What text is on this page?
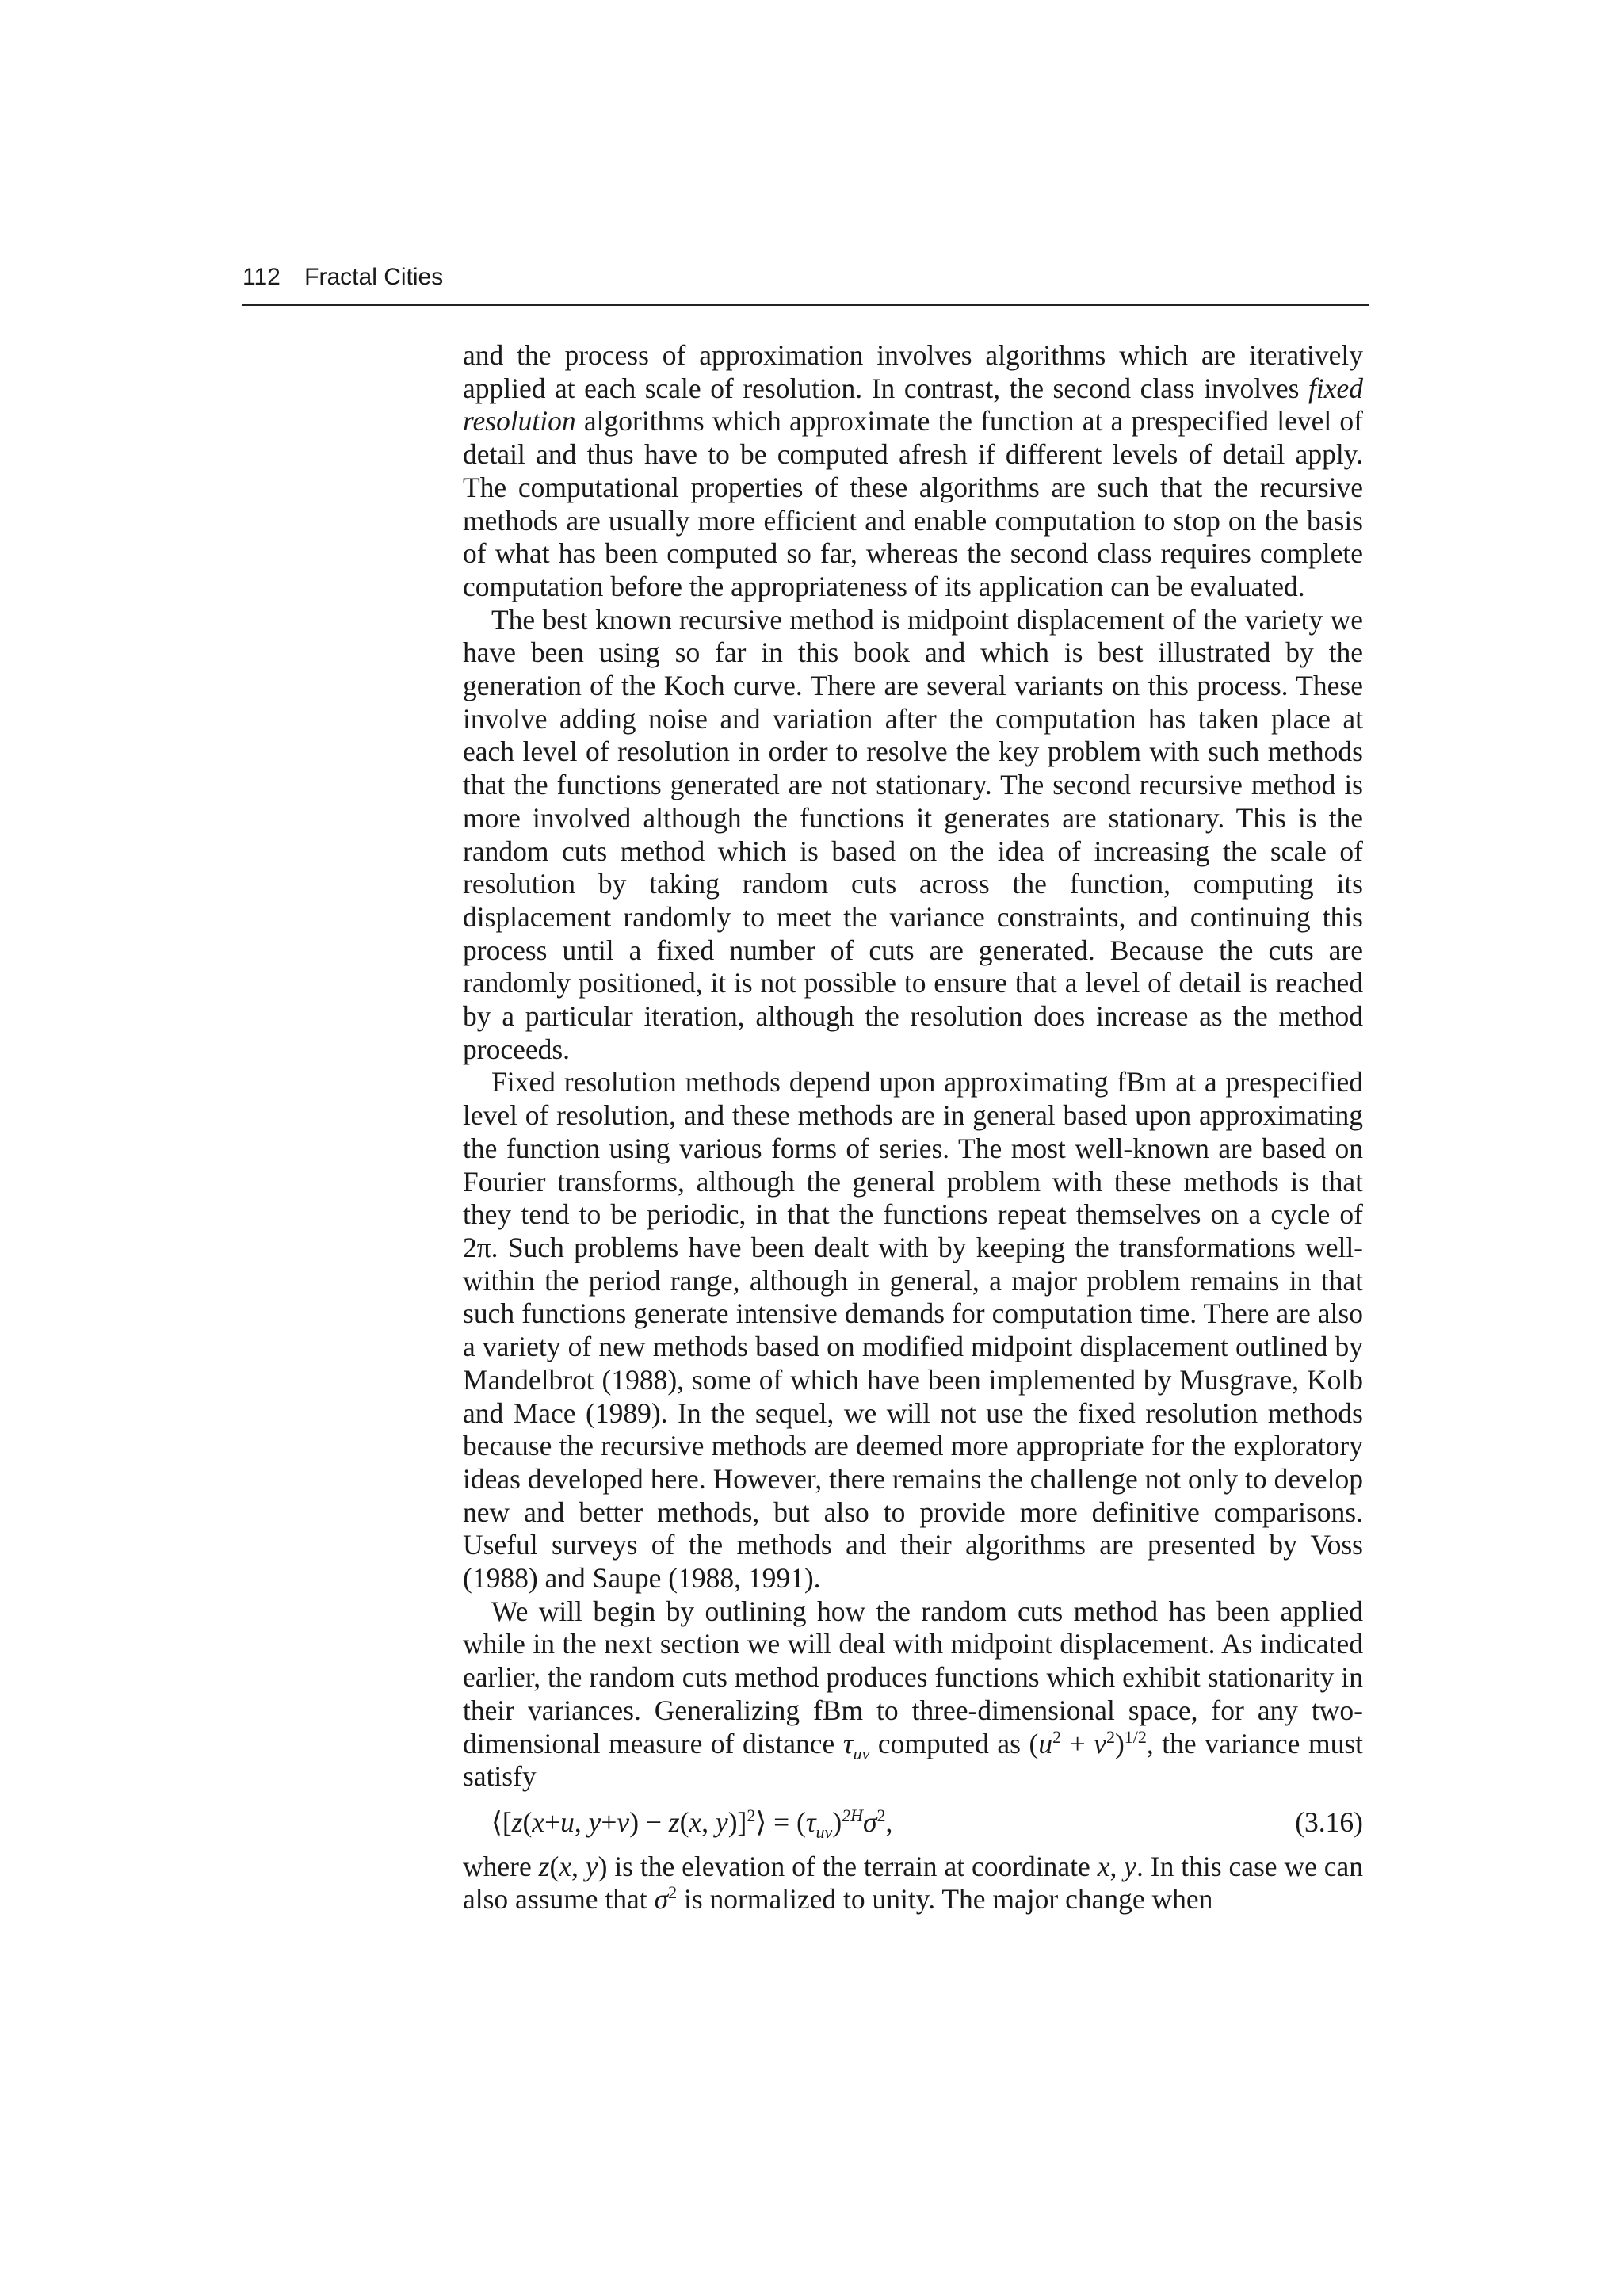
112 Fractal Cities

and the process of approximation involves algorithms which are iteratively applied at each scale of resolution. In contrast, the second class involves fixed resolution algorithms which approximate the function at a prespecified level of detail and thus have to be computed afresh if different levels of detail apply. The computational properties of these algorithms are such that the recursive methods are usually more efficient and enable computation to stop on the basis of what has been computed so far, whereas the second class requires complete computation before the appropriateness of its application can be evaluated.

The best known recursive method is midpoint displacement of the variety we have been using so far in this book and which is best illustrated by the generation of the Koch curve. There are several variants on this process. These involve adding noise and variation after the computation has taken place at each level of resolution in order to resolve the key problem with such methods that the functions generated are not stationary. The second recursive method is more involved although the functions it generates are stationary. This is the random cuts method which is based on the idea of increasing the scale of resolution by taking random cuts across the function, computing its displacement randomly to meet the variance constraints, and continuing this process until a fixed number of cuts are generated. Because the cuts are randomly positioned, it is not possible to ensure that a level of detail is reached by a particular iteration, although the resolution does increase as the method proceeds.

Fixed resolution methods depend upon approximating fBm at a prespecified level of resolution, and these methods are in general based upon approximating the function using various forms of series. The most well-known are based on Fourier transforms, although the general problem with these methods is that they tend to be periodic, in that the functions repeat themselves on a cycle of 2π. Such problems have been dealt with by keeping the transformations well-within the period range, although in general, a major problem remains in that such functions generate intensive demands for computation time. There are also a variety of new methods based on modified midpoint displacement outlined by Mandelbrot (1988), some of which have been implemented by Musgrave, Kolb and Mace (1989). In the sequel, we will not use the fixed resolution methods because the recursive methods are deemed more appropriate for the exploratory ideas developed here. However, there remains the challenge not only to develop new and better methods, but also to provide more definitive comparisons. Useful surveys of the methods and their algorithms are presented by Voss (1988) and Saupe (1988, 1991).

We will begin by outlining how the random cuts method has been applied while in the next section we will deal with midpoint displacement. As indicated earlier, the random cuts method produces functions which exhibit stationarity in their variances. Generalizing fBm to three-dimensional space, for any two-dimensional measure of distance $\tau_{uv}$ computed as $(u^2 + v^2)^{1/2}$, the variance must satisfy

⟨[z(x+u, y+v) − z(x, y)]$^2$⟩ = $(\tau_{uv})^{2H}\sigma^2$,	(3.16)

where z(x, y) is the elevation of the terrain at coordinate x, y. In this case we can also assume that $\sigma^2$ is normalized to unity. The major change when
